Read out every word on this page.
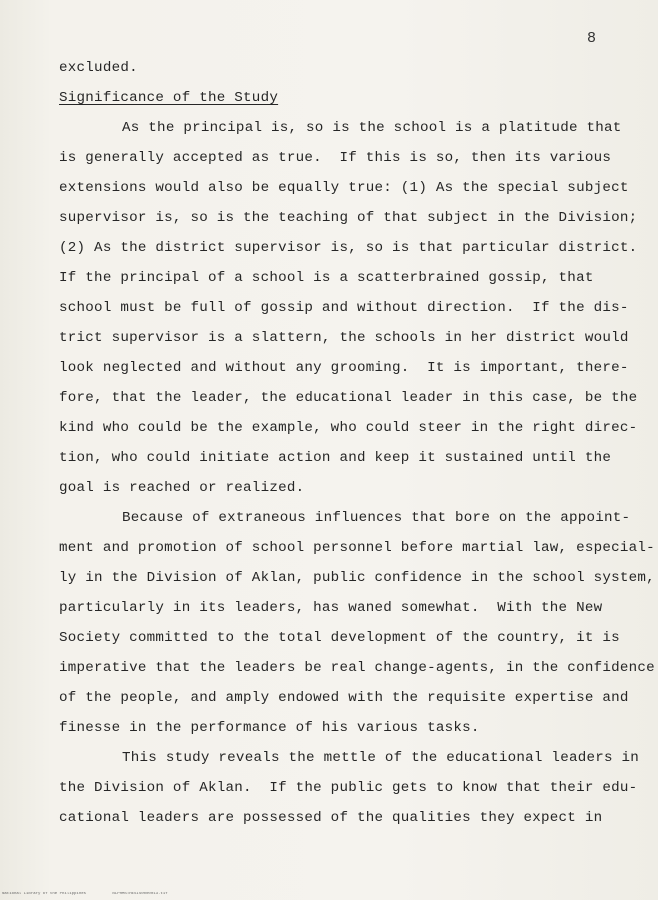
8
excluded.
Significance of the Study
As the principal is, so is the school is a platitude that
is generally accepted as true.  If this is so, then its various
extensions would also be equally true: (1) As the special subject
supervisor is, so is the teaching of that subject in the Division;
(2) As the district supervisor is, so is that particular district.
If the principal of a school is a scatterbrained gossip, that
school must be full of gossip and without direction.  If the dis-
trict supervisor is a slattern, the schools in her district would
look neglected and without any grooming.  It is important, there-
fore, that the leader, the educational leader in this case, be the
kind who could be the example, who could steer in the right direc-
tion, who could initiate action and keep it sustained until the
goal is reached or realized.
Because of extraneous influences that bore on the appoint-
ment and promotion of school personnel before martial law, especial-
ly in the Division of Aklan, public confidence in the school system,
particularly in its leaders, has waned somewhat.  With the New
Society committed to the total development of the country, it is
imperative that the leaders be real change-agents, in the confidence
of the people, and amply endowed with the requisite expertise and
finesse in the performance of his various tasks.
This study reveals the mettle of the educational leaders in
the Division of Aklan.  If the public gets to know that their edu-
cational leaders are possessed of the qualities they expect in
National Library of the Philippines	NLPHMSTHESIS0000013.tif
